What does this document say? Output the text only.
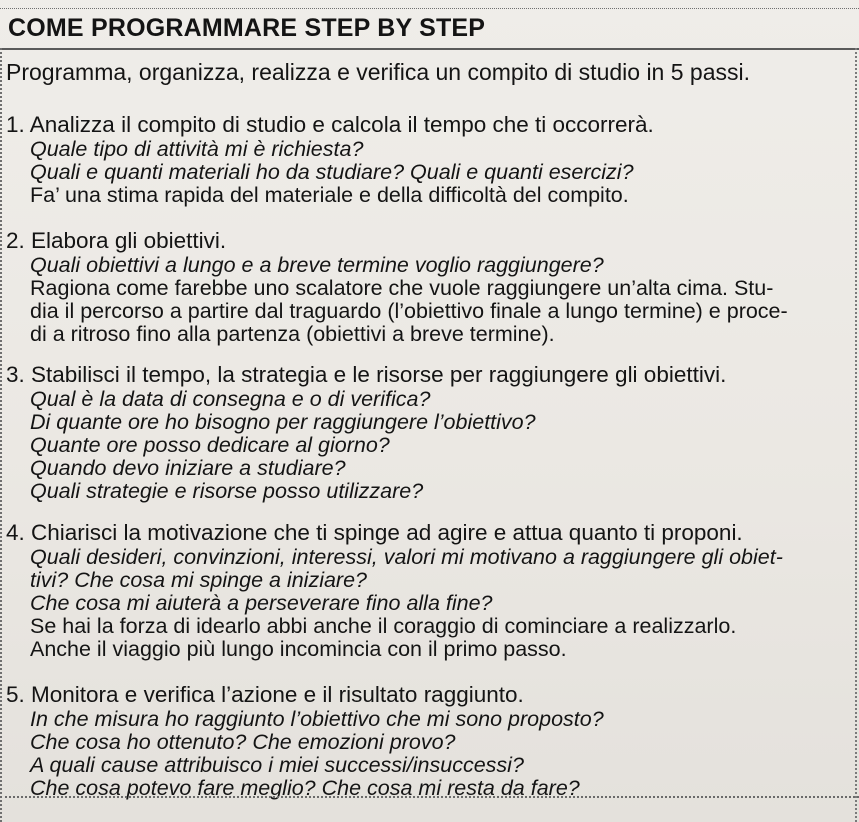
COME PROGRAMMARE STEP BY STEP
Programma, organizza, realizza e verifica un compito di studio in 5 passi.
1. Analizza il compito di studio e calcola il tempo che ti occorrerà.
Quale tipo di attività mi è richiesta?
Quali e quanti materiali ho da studiare? Quali e quanti esercizi?
Fa’ una stima rapida del materiale e della difficoltà del compito.
2. Elabora gli obiettivi.
Quali obiettivi a lungo e a breve termine voglio raggiungere?
Ragiona come farebbe uno scalatore che vuole raggiungere un’alta cima. Stu-
dia il percorso a partire dal traguardo (l’obiettivo finale a lungo termine) e proce-
di a ritroso fino alla partenza (obiettivi a breve termine).
3. Stabilisci il tempo, la strategia e le risorse per raggiungere gli obiettivi.
Qual è la data di consegna e o di verifica?
Di quante ore ho bisogno per raggiungere l’obiettivo?
Quante ore posso dedicare al giorno?
Quando devo iniziare a studiare?
Quali strategie e risorse posso utilizzare?
4. Chiarisci la motivazione che ti spinge ad agire e attua quanto ti proponi.
Quali desideri, convinzioni, interessi, valori mi motivano a raggiungere gli obiet-
tivi? Che cosa mi spinge a iniziare?
Che cosa mi aiuterà a perseverare fino alla fine?
Se hai la forza di idearlo abbi anche il coraggio di cominciare a realizzarlo.
Anche il viaggio più lungo incomincia con il primo passo.
5. Monitora e verifica l’azione e il risultato raggiunto.
In che misura ho raggiunto l’obiettivo che mi sono proposto?
Che cosa ho ottenuto? Che emozioni provo?
A quali cause attribuisco i miei successi/insuccessi?
Che cosa potevo fare meglio? Che cosa mi resta da fare?
